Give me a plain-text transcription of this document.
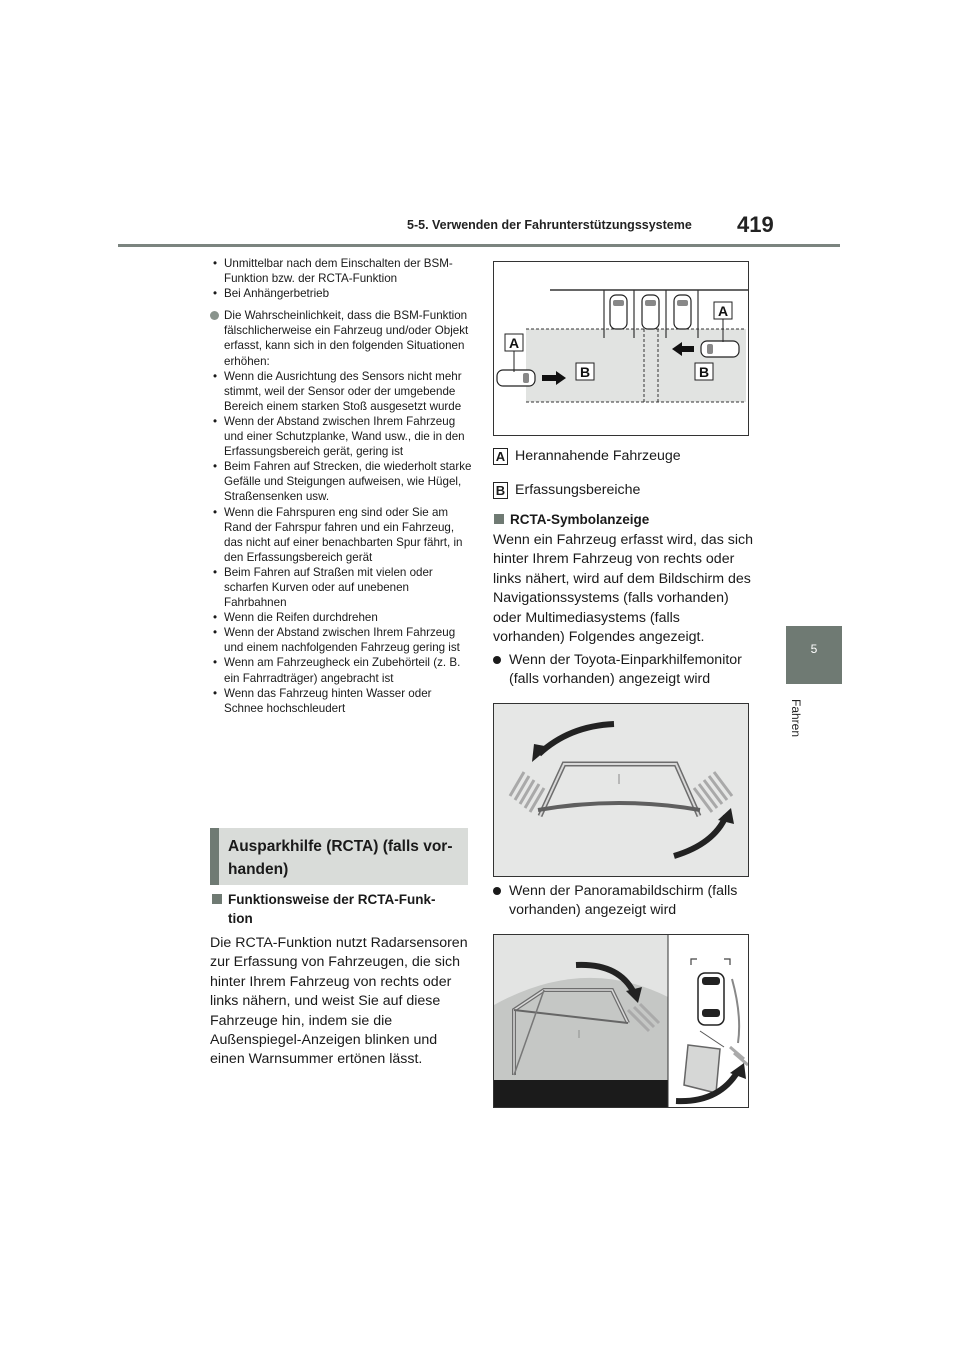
5-5. Verwenden der Fahrunterstützungssysteme 419
5
Fahren
• Unmittelbar nach dem Einschalten der BSM-Funktion bzw. der RCTA-Funktion
• Bei Anhängerbetrieb
Die Wahrscheinlichkeit, dass die BSM-Funktion fälschlicherweise ein Fahrzeug und/oder Objekt erfasst, kann sich in den folgenden Situationen erhöhen:
• Wenn die Ausrichtung des Sensors nicht mehr stimmt, weil der Sensor oder der umgebende Bereich einem starken Stoß ausgesetzt wurde
• Wenn der Abstand zwischen Ihrem Fahrzeug und einer Schutzplanke, Wand usw., die in den Erfassungsbereich gerät, gering ist
• Beim Fahren auf Strecken, die wiederholt starke Gefälle und Steigungen aufweisen, wie Hügel, Straßensenken usw.
• Wenn die Fahrspuren eng sind oder Sie am Rand der Fahrspur fahren und ein Fahrzeug, das nicht auf einer benachbarten Spur fährt, in den Erfassungsbereich gerät
• Beim Fahren auf Straßen mit vielen oder scharfen Kurven oder auf unebenen Fahrbahnen
• Wenn die Reifen durchdrehen
• Wenn der Abstand zwischen Ihrem Fahrzeug und einem nachfolgenden Fahrzeug gering ist
• Wenn am Fahrzeugheck ein Zubehörteil (z. B. ein Fahrradträger) angebracht ist
• Wenn das Fahrzeug hinten Wasser oder Schnee hochschleudert
Ausparkhilfe (RCTA) (falls vor-
handen)
Funktionsweise der RCTA-Funk-
tion
Die RCTA-Funktion nutzt Radarsensoren zur Erfassung von Fahrzeugen, die sich hinter Ihrem Fahrzeug von rechts oder links nähern, und weist Sie auf diese Fahrzeuge hin, indem sie die Außenspiegel-Anzeigen blinken und einen Warnsummer ertönen lässt.
A
A
B	B
A Herannahende Fahrzeuge
B Erfassungsbereiche
RCTA-Symbolanzeige
Wenn ein Fahrzeug erfasst wird, das sich hinter Ihrem Fahrzeug von rechts oder links nähert, wird auf dem Bildschirm des Navigationssystems (falls vorhanden) oder Multimediasystems (falls vorhanden) Folgendes angezeigt.
Wenn der Toyota-Einparkhilfemonitor (falls vorhanden) angezeigt wird
Wenn der Panoramabildschirm (falls vorhanden) angezeigt wird
